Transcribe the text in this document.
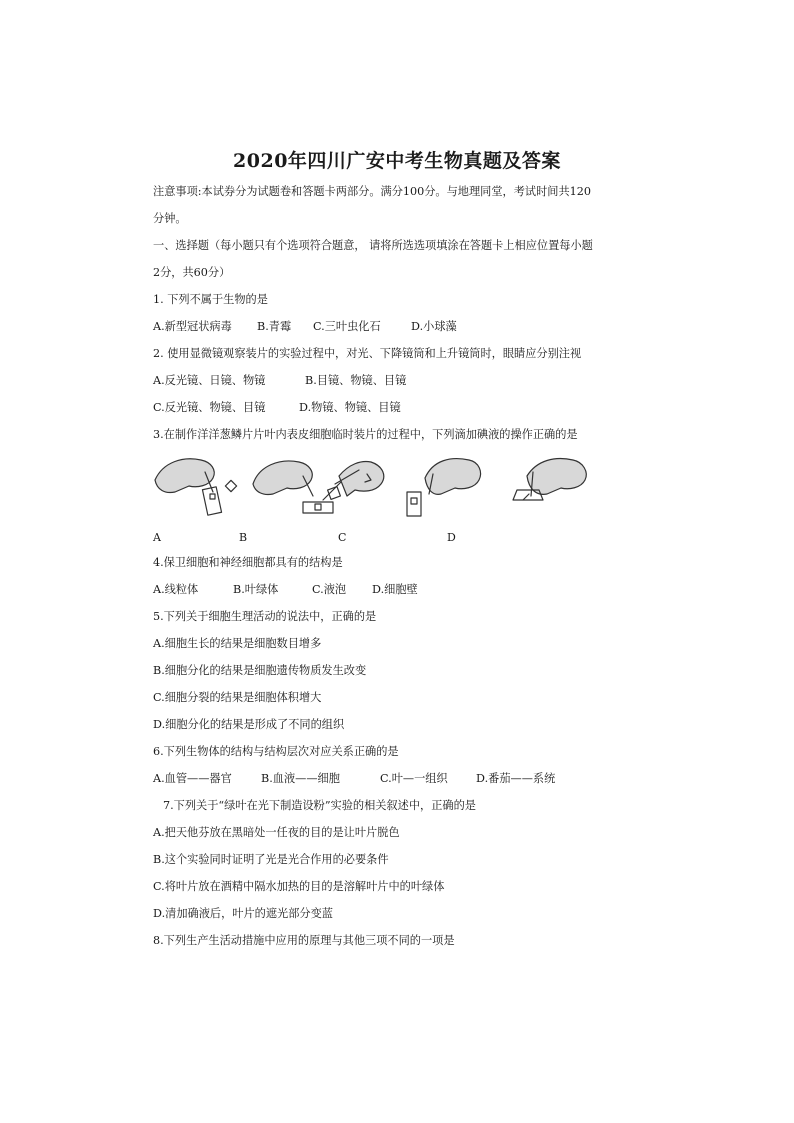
2020年四川广安中考生物真题及答案
注意事项:本试券分为试题卷和答题卡两部分。满分100分。与地理同堂，考试时间共120
分钟。
一、选择题（每小题只有个选项符合题意， 请将所选选项填涂在答题卡上相应位置每小题
2分，共60分）
1. 下列不属于生物的是
A.新型冠状病毒 B.青霉 C.三叶虫化石	D.小球藻
2. 使用显微镜观察装片的实验过程中，对光、下降镜筒和上升镜筒时，眼睛应分别注视
A.反光镜、日镜、物镜	B.目镜、物镜、目镜
C.反光镜、物镜、目镜	D.物镜、物镜、目镜
3.在制作洋洋葱鳞片片叶内表皮细胞临时装片的过程中，下列滴加碘液的操作正确的是
A	B	C	D
4.保卫细胞和神经细胞都具有的结构是
A.线粒体	B.叶绿体	C.液泡 D.细胞壁
5.下列关于细胞生理活动的说法中，正确的是
A.细胞生长的结果是细胞数目增多
B.细胞分化的结果是细胞遗传物质发生改变
C.细胞分裂的结果是细胞体积增大
D.细胞分化的结果是形成了不同的组织
6.下列生物体的结构与结构层次对应关系正确的是
A.血管——器官	B.血液——细胞	C.叶—一组织	D.番茄——系统
7.下列关于“绿叶在光下制造设粉”实验的相关叙述中，正确的是
A.把天他芬放在黑暗处一任夜的目的是让叶片脱色
B.这个实验同时证明了光是光合作用的必要条件
C.将叶片放在酒精中隔水加热的目的是溶解叶片中的叶绿体
D.清加确液后，叶片的遮光部分变蓝
8.下列生产生活动措施中应用的原理与其他三项不同的一项是
